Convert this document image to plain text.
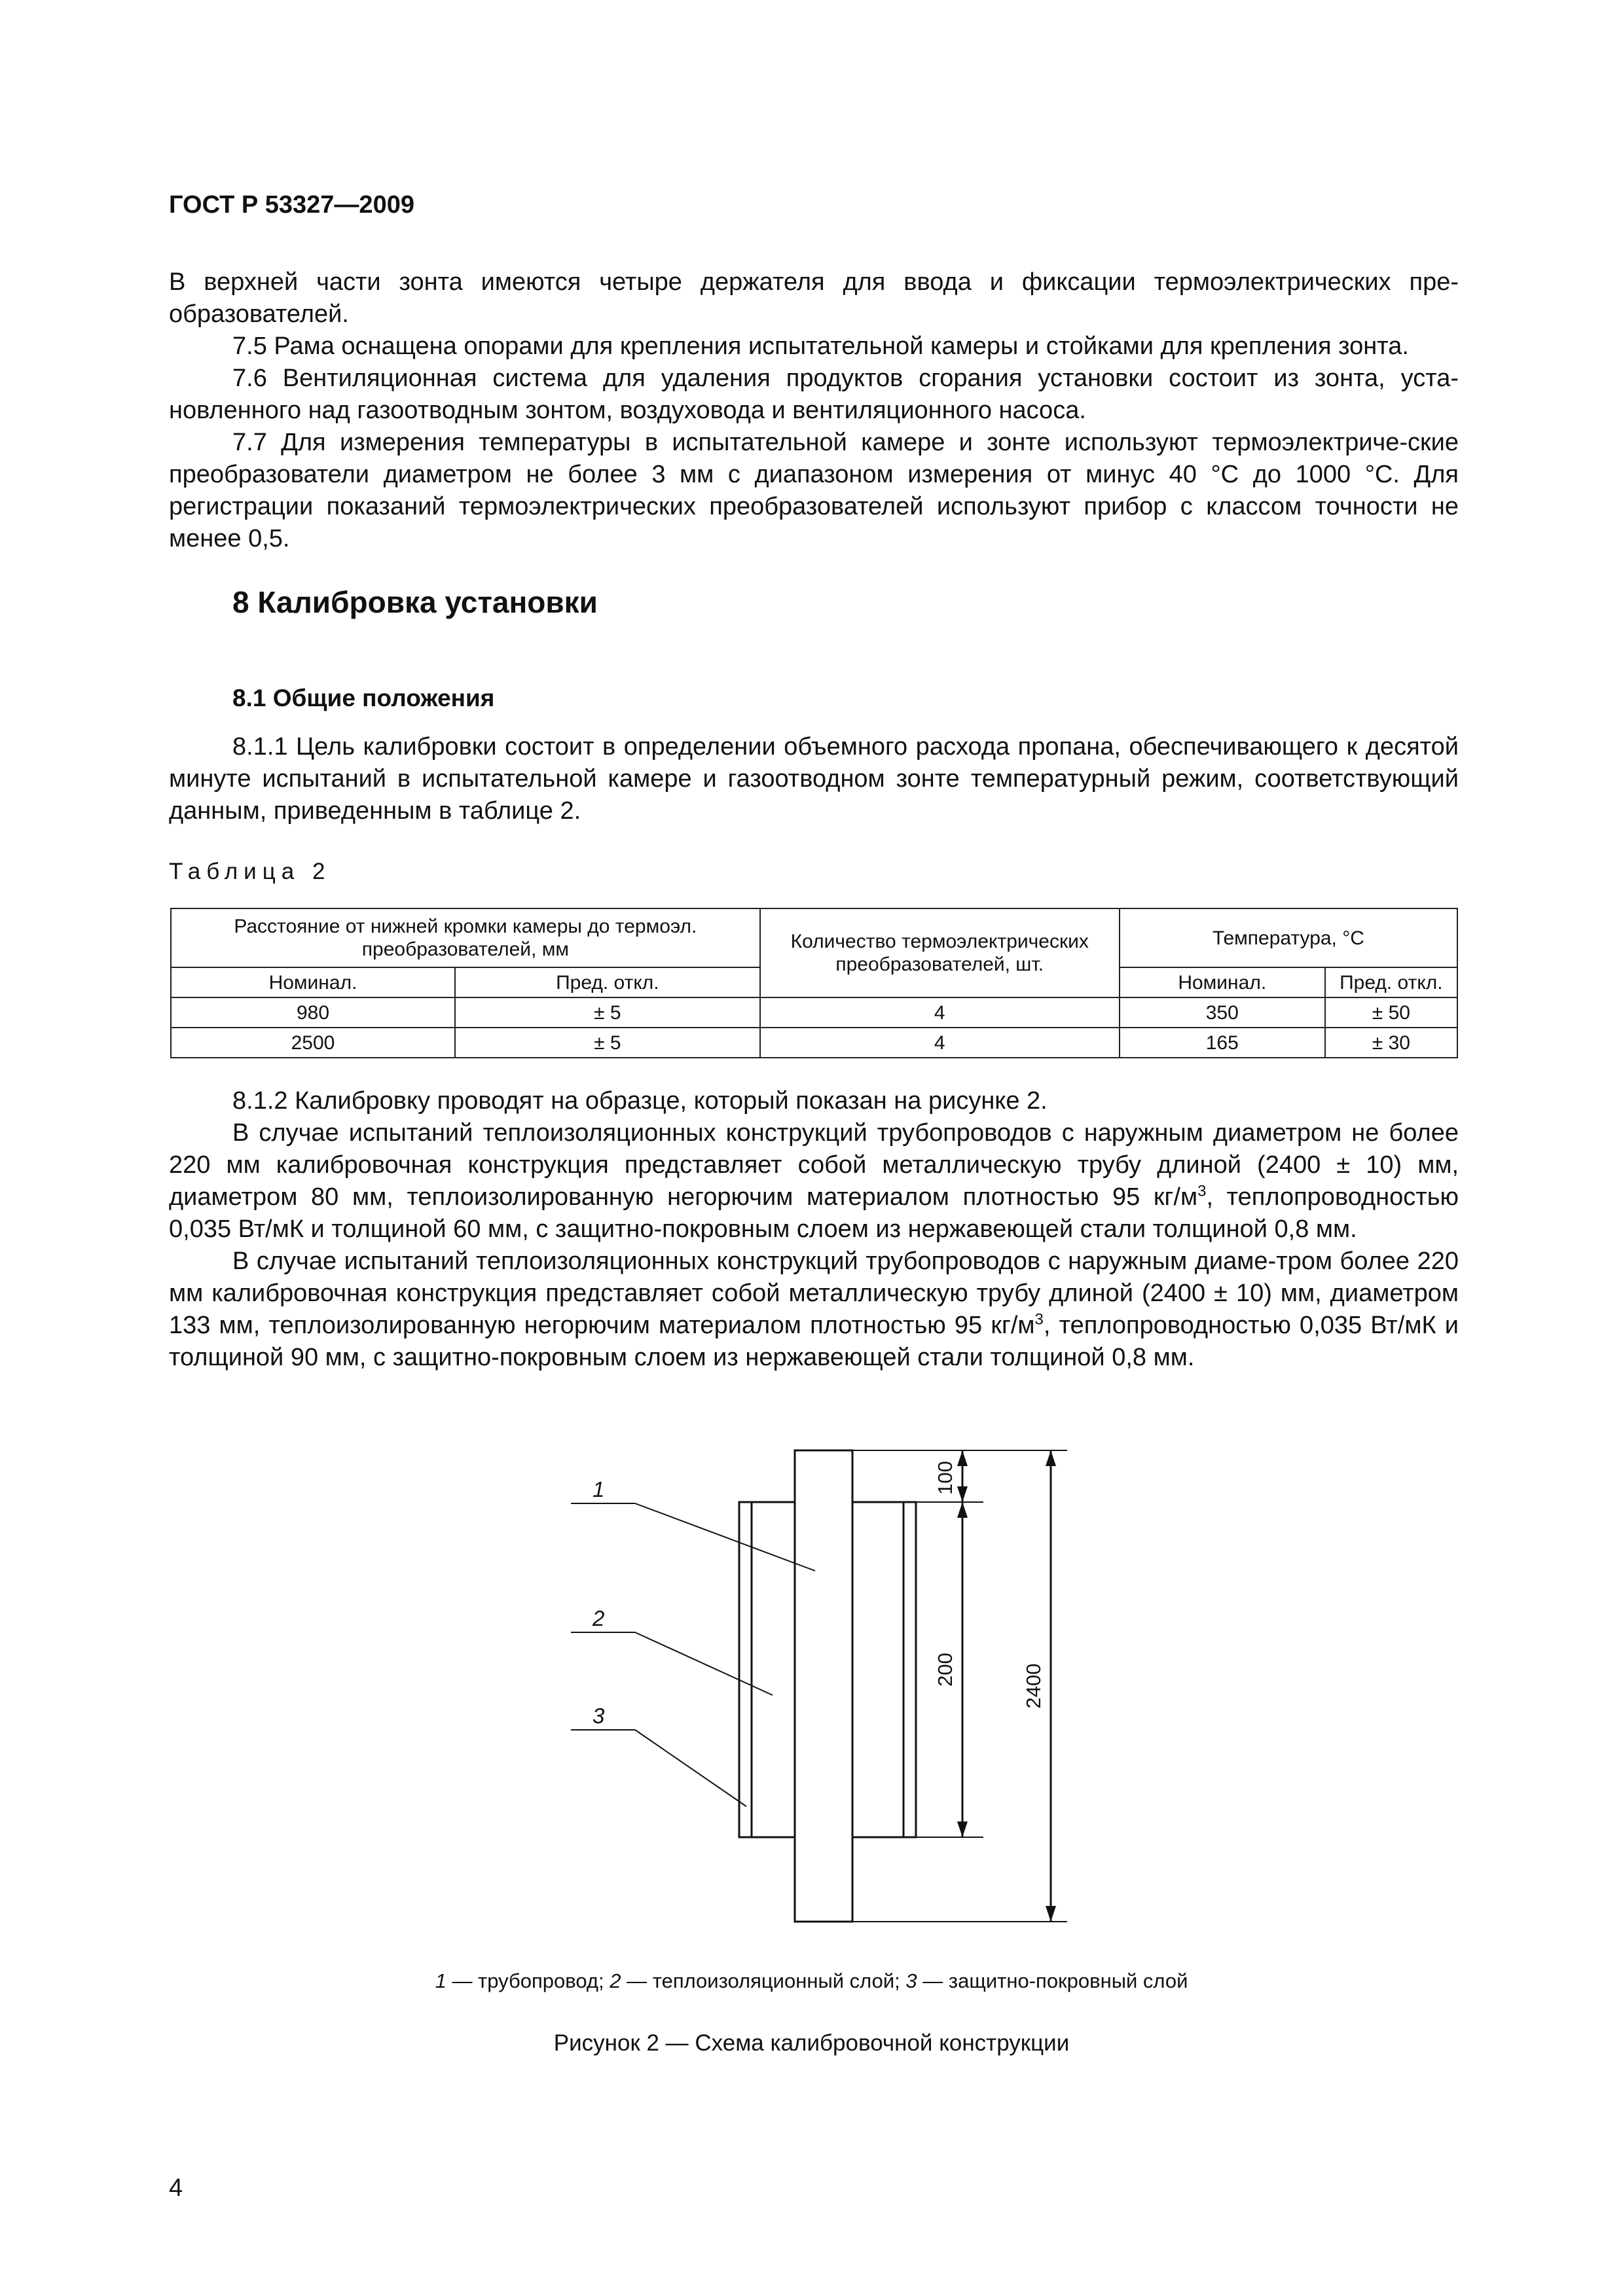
ГОСТ Р 53327—2009

В верхней части зонта имеются четыре держателя для ввода и фиксации термоэлектрических пре-образователей.

7.5 Рама оснащена опорами для крепления испытательной камеры и стойками для крепления зонта.

7.6 Вентиляционная система для удаления продуктов сгорания установки состоит из зонта, уста-новленного над газоотводным зонтом, воздуховода и вентиляционного насоса.

7.7 Для измерения температуры в испытательной камере и зонте используют термоэлектриче-ские преобразователи диаметром не более 3 мм с диапазоном измерения от минус 40 °С до 1000 °С. Для регистрации показаний термоэлектрических преобразователей используют прибор с классом точности не менее 0,5.

8 Калибровка установки
8.1 Общие положения

8.1.1 Цель калибровки состоит в определении объемного расхода пропана, обеспечивающего к десятой минуте испытаний в испытательной камере и газоотводном зонте температурный режим, соответствующий данным, приведенным в таблице 2.

Таблица 2
Расстояние от нижней кромки камеры до термоэл. преобразователей, мм		Количество термоэлектрических преобразователей, шт.	Температура, °С	
Номинал.	Пред. откл.		Номинал.	Пред. откл.
980	± 5	4	350	± 50
2500	± 5	4	165	± 30

8.1.2 Калибровку проводят на образце, который показан на рисунке 2.

В случае испытаний теплоизоляционных конструкций трубопроводов с наружным диаметром не более 220 мм калибровочная конструкция представляет собой металлическую трубу длиной (2400 ± 10) мм, диаметром 80 мм, теплоизолированную негорючим материалом плотностью 95 $кг/м^3$, теплопроводностью 0,035 Вт/мК и толщиной 60 мм, с защитно-покровным слоем из нержавеющей стали толщиной 0,8 мм.

В случае испытаний теплоизоляционных конструкций трубопроводов с наружным диаме-тром более 220 мм калибровочная конструкция представляет собой металлическую трубу длиной (2400 ± 10) мм, диаметром 133 мм, теплоизолированную негорючим материалом плотностью 95 $кг/м^3$, теплопроводностью 0,035 Вт/мК и толщиной 90 мм, с защитно-покровным слоем из нержавеющей стали толщиной 0,8 мм.

1
2
3
100
200	2400
1 — трубопровод; 2 — теплоизоляционный слой; 3 — защитно-покровный слой
Рисунок 2 — Схема калибровочной конструкции
4
